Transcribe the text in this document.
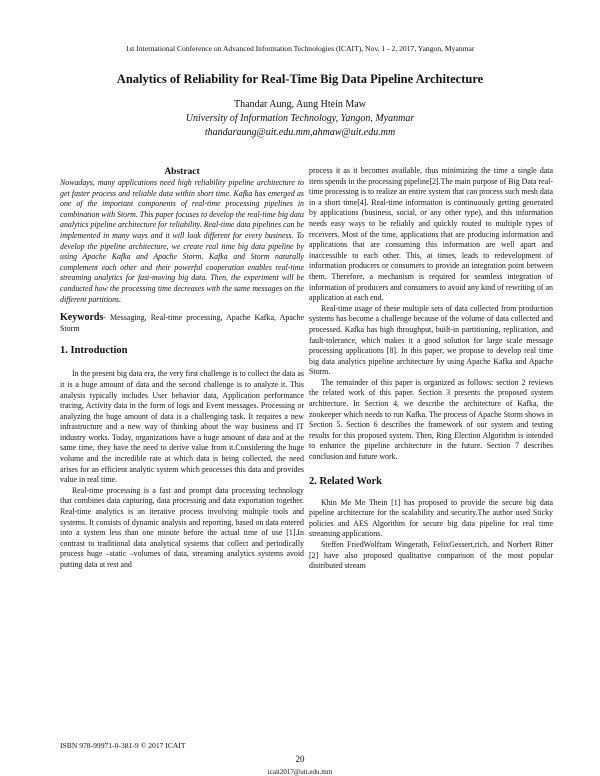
1st International Conference on Advanced Information Technologies (ICAIT), Nov. 1 - 2, 2017, Yangon, Myanmar
Analytics of Reliability for Real-Time Big Data Pipeline Architecture
Thandar Aung, Aung Htein Maw
University of Information Technology, Yangon, Myanmar
thandaraung@uit.edu.mm,ahmaw@uit.edu.mm

Abstract

Nowadays, many applications need high reliability pipeline architecture to get faster process and reliable data within short time. Kafka has emerged as one of the important components of real-time processing pipelines in combination with Storm. This paper focuses to develop the real-time big data analytics pipeline architecture for reliability. Real-time data pipelines can be implemented in many ways and it will look different for every business. To develop the pipeline architecture, we create real time big data pipeline by using Apache Kafka and Apache Storm. Kafka and Storm naturally complement each other and their powerful cooperation enables real-time streaming analytics for fast-moving big data. Then, the experiment will be conducted how the processing time decreases with the same messages on the different partitions.

Keywords- Messaging, Real-time processing, Apache Kafka, Apache Storm

1. Introduction

In the present big data era, the very first challenge is to collect the data as it is a huge amount of data and the second challenge is to analyze it. This analysis typically includes User behavior data, Application performance tracing, Activity data in the form of logs and Event messages. Processing or analyzing the huge amount of data is a challenging task. It requires a new infrastructure and a new way of thinking about the way business and IT industry works. Today, organizations have a huge amount of data and at the same time, they have the need to derive value from it.Considering the huge volume and the incredible rate at which data is being collected, the need arises for an efficient analytic system which processes this data and provides value in real time.

Real-time processing is a fast and prompt data processing technology that combines data capturing, data processing and data exportation together. Real-time analytics is an iterative process involving multiple tools and systems. It consists of dynamic analysis and reporting, based on data entered into a system less than one minute before the actual time of use [1].In contrast to traditional data analytical systems that collect and periodically process huge –static –volumes of data, streaming analytics systems avoid putting data at rest and

process it as it becomes available, thus minimizing the time a single data item spends in the processing pipeline[2].The main purpose of Big Data real-time processing is to realize an entire system that can process such mesh data in a short time[4]. Real-time information is continuously getting generated by applications (business, social, or any other type), and this information needs easy ways to be reliably and quickly routed to multiple types of receivers. Most of the time, applications that are producing information and applications that are consuming this information are well apart and inaccessible to each other. This, at times, leads to redevelopment of information producers or consumers to provide an integration point between them. Therefore, a mechanism is required for seamless integration of information of producers and consumers to avoid any kind of rewriting of an application at each end.

Real-time usage of these multiple sets of data collected from production systems has become a challenge because of the volume of data collected and processed. Kafka has high throughput, built-in partitioning, replication, and fault-tolerance, which makes it a good solution for large scale message processing applications [8]. In this paper, we propose to develop real time big data analytics pipeline architecture by using Apache Kafka and Apache Storm.

The remainder of this paper is organized as follows: section 2 reviews the related work of this paper. Section 3 presents the proposed system architecture. In Section 4, we describe the architecture of Kafka, the zookeeper which needs to run Kafka. The process of Apache Storm shows in Section 5. Section 6 describes the framework of our system and testing results for this proposed system. Then, Ring Election Algorithm is intended to enhance the pipeline architecture in the future. Section 7 describes conclusion and future work.

2. Related Work

Khin Me Me Thein [1] has proposed to provide the secure big data pipeline architecture for the scalability and security.The author used Sticky policies and AES Algorithm for secure big data pipeline for real time streaming applications.

Steffen FriedWolfram Wingerath, FelixGessert,rich, and Norbert Ritter [2] have also proposed qualitative comparison of the most popular distributed stream

ISBN 978-99971-0-381-9 © 2017 ICAIT
20
icait2017@uit.edu.mm
